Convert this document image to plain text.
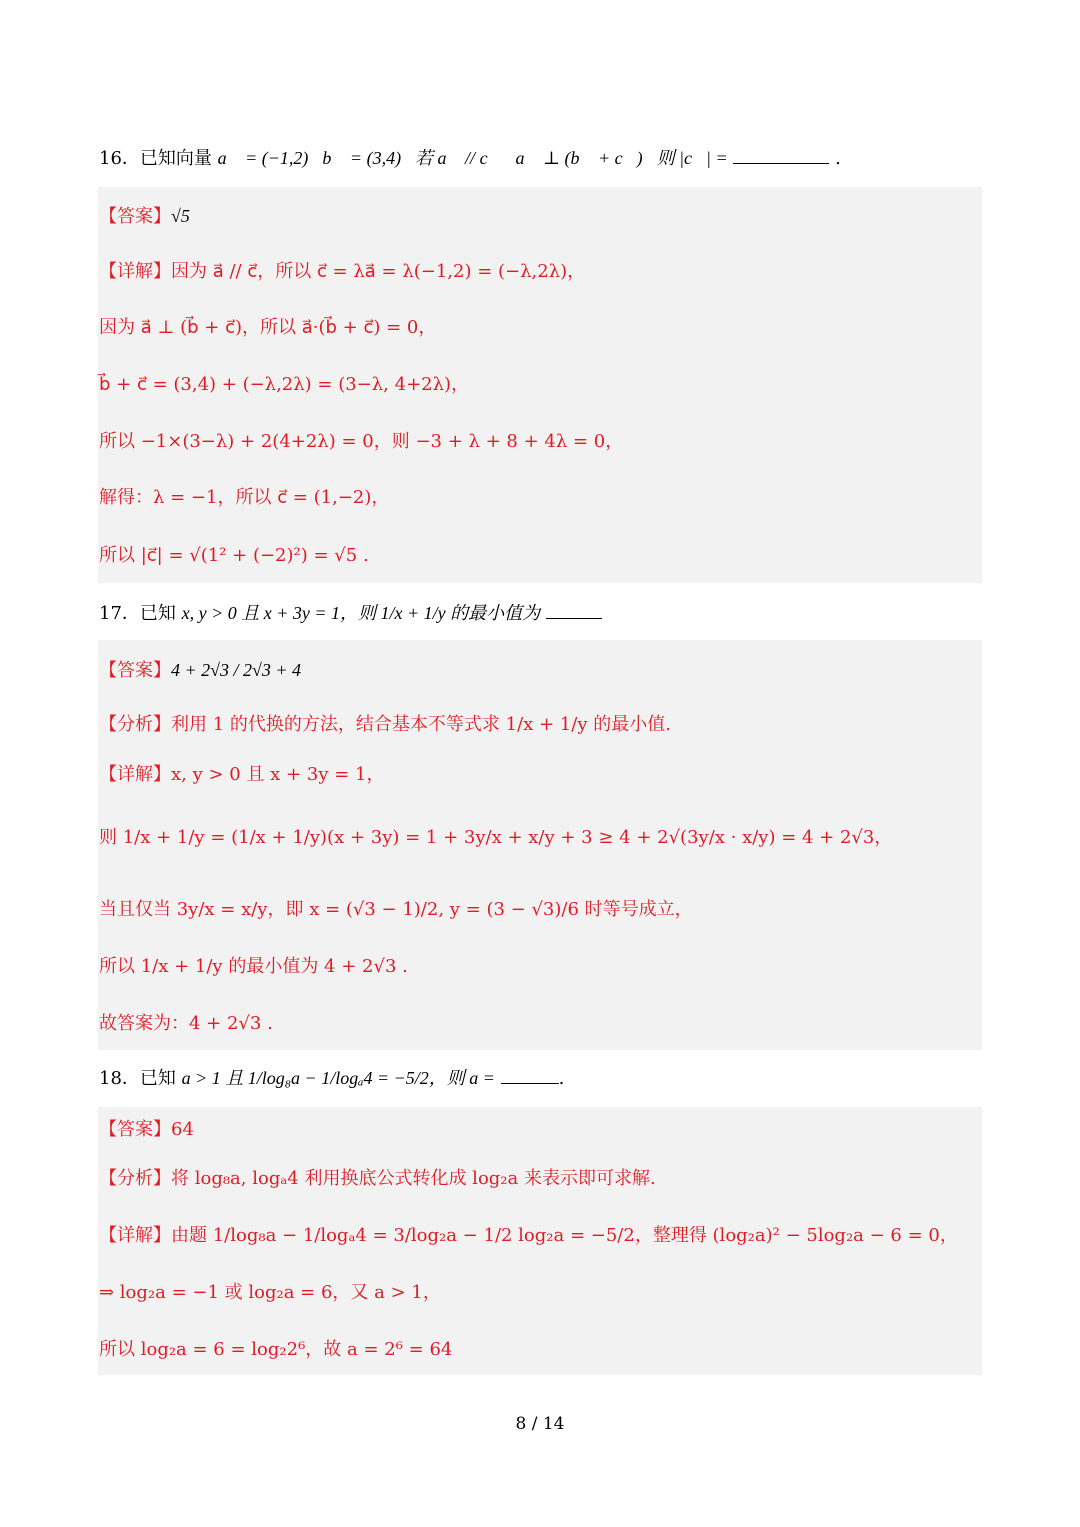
16．已知向量 a⃗ = (−1,2)，b⃗ = (3,4)，若 a⃗ // c⃗，a⃗ ⊥ (b⃗ + c⃗)，则 |c⃗| =	.
【答案】√5
【详解】因为 a⃗ // c⃗，所以 c⃗ = λa⃗ = λ(−1,2) = (−λ,2λ)，
因为 a⃗ ⊥ (b⃗ + c⃗)，所以 a⃗·(b⃗ + c⃗) = 0，
b⃗ + c⃗ = (3,4) + (−λ,2λ) = (3−λ, 4+2λ)，
所以 −1×(3−λ) + 2(4+2λ) = 0，则 −3 + λ + 8 + 4λ = 0，
解得：λ = −1，所以 c⃗ = (1,−2)，
所以 |c⃗| = √(1² + (−2)²) = √5 .
17．已知 x, y > 0 且 x + 3y = 1，则 1/x + 1/y 的最小值为
【答案】4 + 2√3 / 2√3 + 4
【分析】利用 1 的代换的方法，结合基本不等式求 1/x + 1/y 的最小值.
【详解】x, y > 0 且 x + 3y = 1，
则 1/x + 1/y = (1/x + 1/y)(x + 3y) = 1 + 3y/x + x/y + 3 ≥ 4 + 2√(3y/x · x/y) = 4 + 2√3，
当且仅当 3y/x = x/y，即 x = (√3 − 1)/2, y = (3 − √3)/6 时等号成立，
所以 1/x + 1/y 的最小值为 4 + 2√3 .
故答案为：4 + 2√3 .
18．已知 a > 1 且 1/log₈a − 1/logₐ4 = −5/2，则 a =	.
【答案】64
【分析】将 log₈a, logₐ4 利用换底公式转化成 log₂a 来表示即可求解.
【详解】由题 1/log₈a − 1/logₐ4 = 3/log₂a − 1/2 log₂a = −5/2，整理得 (log₂a)² − 5log₂a − 6 = 0，
⇒ log₂a = −1 或 log₂a = 6，又 a > 1，
所以 log₂a = 6 = log₂2⁶，故 a = 2⁶ = 64
8 / 14
